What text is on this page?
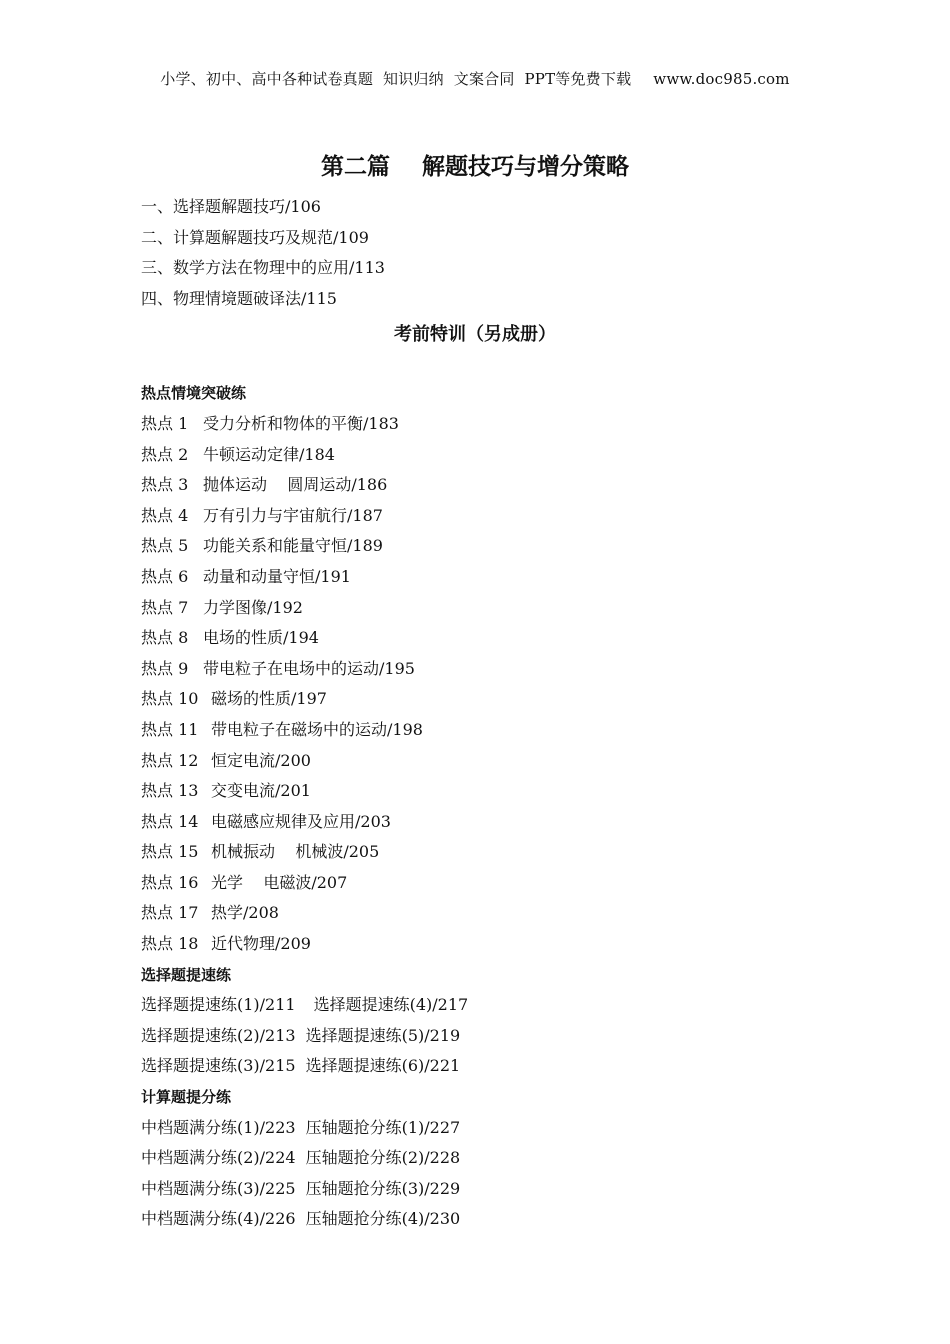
小学、初中、高中各种试卷真题  知识归纳  文案合同  PPT等免费下载 www.doc985.com
第二篇    解题技巧与增分策略
考前特训（另成册）
一、选择题解题技巧/106
二、计算题解题技巧及规范/109
三、数学方法在物理中的应用/113
四、物理情境题破译法/115
热点情境突破练
热点 1 受力分析和物体的平衡/183
热点 2 牛顿运动定律/184
热点 3 抛体运动    圆周运动/186
热点 4 万有引力与宇宙航行/187
热点 5 功能关系和能量守恒/189
热点 6 动量和动量守恒/191
热点 7 力学图像/192
热点 8 电场的性质/194
热点 9 带电粒子在电场中的运动/195
热点 10 磁场的性质/197
热点 11 带电粒子在磁场中的运动/198
热点 12 恒定电流/200
热点 13 交变电流/201
热点 14 电磁感应规律及应用/203
热点 15 机械振动    机械波/205
热点 16 光学    电磁波/207
热点 17 热学/208
热点 18 近代物理/209
选择题提速练
选择题提速练(1)/211 选择题提速练(4)/217
选择题提速练(2)/213 选择题提速练(5)/219
选择题提速练(3)/215 选择题提速练(6)/221
计算题提分练
中档题满分练(1)/223 压轴题抢分练(1)/227
中档题满分练(2)/224 压轴题抢分练(2)/228
中档题满分练(3)/225 压轴题抢分练(3)/229
中档题满分练(4)/226 压轴题抢分练(4)/230
